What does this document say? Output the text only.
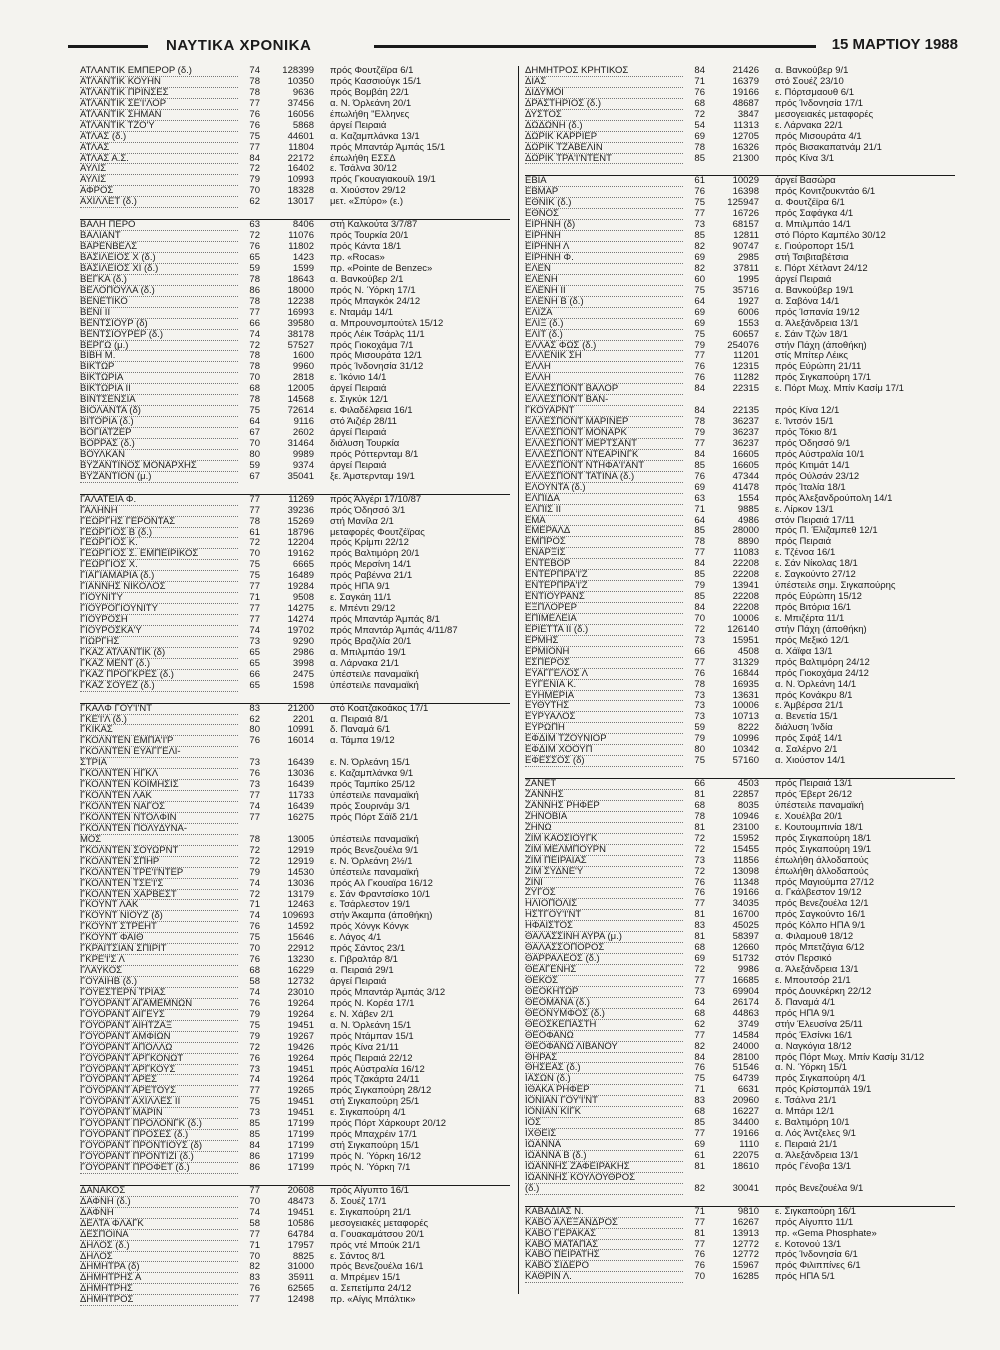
ΝΑΥΤΙΚΑ ΧΡΟΝΙΚΑ	15 ΜΑΡΤΙΟΥ 1988
ΑΤΛΑΝΤΙΚ ΕΜΠΕΡΟΡ (δ.)	74	128399	πρός Φουτζέϊρα 6/1
ΑΤΛΑΝΤΙΚ ΚΟΥΗΝ	78	10350	πρός Κασσιούγκ 15/1
ΑΤΛΑΝΤΙΚ ΠΡΙΝΣΕΣ	78	9636	πρός Βομβάη 22/1
ΑΤΛΑΝΤΙΚ ΣΕ'Ι'ΛΟΡ	77	37456	α. Ν. Όρλεάνη 20/1
ΑΤΛΑΝΤΙΚ ΣΗΜΑΝ	76	16056	έπωλήθη "Ελληνες
ΑΤΛΑΝΤΙΚ ΤΖΟ'Υ	76	5868	άργεί Πειραιά
ΑΤΛΑΣ (δ.)	75	44601	α. Καζαμπλάνκα 13/1
ΑΤΛΑΣ	77	11804	πρός Μπαντάρ Άμπάς 15/1
ΑΤΛΑΣ Α.Σ.	84	22172	έπωλήθη ΕΣΣΔ
ΑΥΛΙΣ	72	16402	ε. Τσάλνα 30/12
ΑΥΛΙΣ	79	10993	πρός Γκουαγιακουίλ 19/1
ΑΦΡΟΣ	70	18328	α. Χιούστον 29/12
ΑΧΙΛΛΕΤ (δ.)	62	13017	μετ. «Σπύρο» (ε.)
ΒΑΛΗ ΠΕΡΟ	63	8406	στή Καλκούτα 3/7/87
ΒΑΛΙΑΝΤ	72	11076	πρός Τουρκία 20/1
ΒΑΡΕΝΒΕΛΣ	76	11802	πρός Κάντα 18/1
ΒΑΣΙΛΕΙΟΣ Χ (δ.)	65	1423	πρ. «Rocas»
ΒΑΣΙΛΕΙΟΣ ΧΙ (δ.)	59	1599	πρ. «Pointe de Benzec»
ΒΕΓΚΑ (δ.)	78	18643	α. Βανκούβερ 2/1
ΒΕΛΟΠΟΥΛΑ (δ.)	86	18000	πρός Ν. Ύόρκη 17/1
ΒΕΝΕΤΙΚΟ	78	12238	πρός Μπαγκόκ 24/12
ΒΕΝΙ ΙΙ	77	16993	ε. Νταμάμ 14/1
ΒΕΝΤΣΙΟΥΡ (δ)	66	39580	α. Μπρουνσμπούτελ 15/12
ΒΕΝΤΣΙΟΥΡΕΡ (δ.)	74	38178	πρός Λέικ Τσάρλς 11/1
ΒΕΡΓΩ (μ.)	72	57527	πρός Γιοκοχάμα 7/1
ΒΙΒΗ Μ.	78	1600	πρός Μισουράτα 12/1
ΒΙΚΤΩΡ	78	9960	πρός Ίνδονησία 31/12
ΒΙΚΤΩΡΙΑ	70	2818	ε. Ίκόνιο 14/1
ΒΙΚΤΩΡΙΑ ΙΙ	68	12005	άργεί Πειραιά
ΒΙΝΤΣΕΝΣΙΑ	78	14568	ε. Σιγκύκ 12/1
ΒΙΟΛΑΝΤΑ (δ)	75	72614	ε. Φιλαδέλφεια 16/1
ΒΙΤΟΡΙΑ (δ.)	64	9116	στό Άιζιέρ 28/11
ΒΟΓΙΑΤΖΕΡ	67	2602	άργεί Πειραιά
ΒΟΡΡΑΣ (δ.)	70	31464	διάλυση Τουρκία
ΒΟΥΛΚΑΝ	80	9989	πρός Ρόττερνταμ 8/1
ΒΥΖΑΝΤΙΝΟΣ ΜΟΝΑΡΧΗΣ	59	9374	άργεί Πειραιά
ΒΥΖΑΝΤΙΟΝ (μ.)	67	35041	ξε. Άμστερνταμ 19/1
ΓΑΛΑΤΕΙΑ Φ.	77	11269	πρός Άλγέρι 17/10/87
ΓΑΛΗΝΗ	77	39236	πρός Όδησσό 3/1
ΓΕΩΡΓΗΣ ΓΕΡΟΝΤΑΣ	78	15269	στή Μανίλα 2/1
ΓΕΩΡΓΙΟΣ Β (δ.)	61	18796	μεταφορές Φουτζέϊρας
ΓΕΩΡΓΙΟΣ Κ.	72	12204	πρός Κρίμπι 22/12
ΓΕΩΡΓΙΟΣ Σ. ΕΜΠΕΙΡΙΚΟΣ	70	19162	πρός Βαλτιμόρη 20/1
ΓΕΩΡΓΙΟΣ Χ.	75	6665	πρός Μερσίνη 14/1
ΓΙΑΓΙΑΜΑΡΙΑ (δ.)	75	16489	πρός Ραβέννα 21/1
ΓΙΑΝΝΗΣ ΝΙΚΟΛΟΣ	77	19284	πρός ΗΠΑ 9/1
ΓΙΟΥΝΙΤΥ	71	9508	ε. Σαγκάη 11/1
ΓΙΟΥΡΟΓΙΟΥΝΙΤΥ	77	14275	ε. Μπέντι 29/12
ΓΙΟΥΡΟΣΗ	77	14274	πρός Μπαντάρ Άμπάς 8/1
ΓΙΟΥΡΟΣΚΑ'Υ	74	19702	πρός Μπαντάρ Άμπάς 4/11/87
ΓΙΩΡΓΗΣ	73	9290	πρός Βραζιλία 20/1
ΓΚΑΖ ΑΤΛΑΝΤΙΚ (δ)	65	2986	α. Μπιλμπάο 19/1
ΓΚΑΖ ΜΕΝΤ (δ.)	65	3998	α. Λάρνακα 21/1
ΓΚΑΖ ΠΡΟΓΚΡΕΣ (δ.)	66	2475	ύπέστειλε παναμαϊκή
ΓΚΑΖ ΣΟΥΕΖ (δ.)	65	1598	ύπέστειλε παναμαϊκή
ΓΚΑΛΦ ΓΟΥ'Ι'ΝΤ	83	21200	στό Κοατζακοάκος 17/1
ΓΚΕ'Ι'Λ (δ.)	62	2201	α. Πειραιά 8/1
ΓΚΙΚΑΣ	80	10991	δ. Παναμά 6/1
ΓΚΟΛΝΤΕΝ ΕΜΠΑ'Ι'Ρ	76	16014	α. Τάμπα 19/12
ΓΚΟΛΝΤΕΝ ΕΥΑΓΓΕΛΙ-
ΣΤΡΙΑ	73	16439	ε. Ν. Όρλεάνη 15/1
ΓΚΟΛΝΤΕΝ ΗΓΚΛ	76	13036	ε. Καζαμπλάνκα 9/1
ΓΚΟΛΝΤΕΝ ΚΟΙΜΗΣΙΣ	73	16439	πρός Ταμπίκο 25/12
ΓΚΟΛΝΤΕΝ ΛΑΚ	77	11733	ύπέστειλε παναμαϊκή
ΓΚΟΛΝΤΕΝ ΝΑΓΟΣ	74	16439	πρός Σουρινάμ 3/1
ΓΚΟΛΝΤΕΝ ΝΤΟΛΦΙΝ	77	16275	πρός Πόρτ Σάϊδ 21/1
ΓΚΟΛΝΤΕΝ ΠΟΛΥΔΥΝΑ-
ΜΟΣ	78	13005	ύπέστειλε παναμαϊκή
ΓΚΟΛΝΤΕΝ ΣΟΥΩΡΝΤ	72	12919	πρός Βενεζουέλα 9/1
ΓΚΟΛΝΤΕΝ ΣΠΗΡ	72	12919	ε. Ν. Όρλεάνη 2½/1
ΓΚΟΛΝΤΕΝ ΤΡΕ'Ι'ΝΤΕΡ	79	14530	ύπέστειλε παναμαϊκή
ΓΚΟΛΝΤΕΝ ΤΣΕ'Ι'Σ	74	13036	πρός Αλ Γκουαϊρα 16/12
ΓΚΟΛΝΤΕΝ ΧΑΡΒΕΣΤ	72	13179	ε. Σάν Φραντσίσκο 10/1
ΓΚΟΥΝΤ ΛΑΚ	71	12463	ε. Τσάρλεστον 19/1
ΓΚΟΥΝΤ ΝΙΟΥΖ (δ)	74	109693	στήν Άκαμπα (άποθήκη)
ΓΚΟΥΝΤ ΣΤΡΕΗΤ	76	14592	πρός Χόνγκ Κόνγκ
ΓΚΟΥΝΤ ΦΑΙΘ	75	15646	ε. Λάγος 4/1
ΓΚΡΑΙΤΣΙΑΝ ΣΠΙΡΙΤ	70	22912	πρός Σάντος 23/1
ΓΚΡΕ'Ι'Σ Λ	76	13230	ε. Γιβραλτάρ 8/1
ΓΛΑΥΚΟΣ	68	16229	α. Πειραιά 29/1
ΓΟΥΑΙΗΒ (δ.)	58	12732	άργεί Πειραιά
ΓΟΥΕΣΤΕΡΝ ΤΡΙΑΣ	74	23010	πρός Μπαντάρ Άμπάς 3/12
ΓΟΥΟΡΑΝΤ ΑΓΑΜΕΜΝΩΝ	76	19264	πρός Ν. Κορέα 17/1
ΓΟΥΟΡΑΝΤ ΑΙΓΕΥΣ	79	19264	ε. Ν. Χάβεν 2/1
ΓΟΥΟΡΑΝΤ ΑΙΗΤΖΑΞ	75	19451	α. Ν. Όρλεάνη 15/1
ΓΟΥΟΡΑΝΤ ΑΜΦΙΩΝ	79	19267	πρός Ντάμπαν 15/1
ΓΟΥΟΡΑΝΤ ΑΠΟΛΛΩ	72	19426	πρός Κίνα 21/11
ΓΟΥΟΡΑΝΤ ΑΡΓΚΟΝΩΤ	76	19264	πρός Πειραιά 22/12
ΓΟΥΟΡΑΝΤ ΑΡΓΚΟΥΣ	73	19451	πρός Αύστραλία 16/12
ΓΟΥΟΡΑΝΤ ΑΡΕΣ	74	19264	πρός Τζακάρτα 24/11
ΓΟΥΟΡΑΝΤ ΑΡΕΤΟΥΣ	77	19265	πρός Σιγκαπούρη 28/12
ΓΟΥΟΡΑΝΤ ΑΧΙΛΛΕΣ ΙΙ	75	19451	στή Σιγκαπούρη 25/1
ΓΟΥΟΡΑΝΤ ΜΑΡΙΝ	73	19451	ε. Σιγκαπούρη 4/1
ΓΟΥΟΡΑΝΤ ΠΡΟΛΟΝΓΚ (δ.)	85	17199	πρός Πόρτ Χάρκουρτ 20/12
ΓΟΥΟΡΑΝΤ ΠΡΟΣΕΣ (δ.)	85	17199	πρός Μπαχρέιν 17/1
ΓΟΥΟΡΑΝΤ ΠΡΟΝΤΙΟΥΣ (δ)	84	17199	στή Σιγκαπούρη 15/1
ΓΟΥΟΡΑΝΤ ΠΡΟΝΤΙΖΙ (δ.)	86	17199	πρός Ν. Ύόρκη 16/12
ΓΟΥΟΡΑΝΤ ΠΡΟΦΕΤ (δ.)	86	17199	πρός Ν. Ύόρκη 7/1
ΔΑΝΑΚΟΣ	77	20608	πρός Αίγυπτο 16/1
ΔΑΦΝΗ (δ.)	70	48473	δ. Σουέζ 17/1
ΔΑΦΝΗ	74	19451	ε. Σιγκαπούρη 21/1
ΔΕΛΤΑ ΦΛΑΓΚ	58	10586	μεσογειακές μεταφορές
ΔΕΣΠΟΙΝΑ	77	64784	α. Γουακαμάτσου 20/1
ΔΗΛΟΣ (δ.)	71	17957	πρός ντέ Μπούκ 21/1
ΔΗΛΟΣ	70	8825	ε. Σάντος 8/1
ΔΗΜΗΤΡΑ (δ)	82	31000	πρός Βενεζουέλα 16/1
ΔΗΜΗΤΡΗΣ Α	83	35911	α. Μπρέμεν 15/1
ΔΗΜΗΤΡΗΣ	76	62565	α. Σεπετίμπα 24/12
ΔΗΜΗΤΡΟΣ	77	12498	πρ. «Αίγις Μπάλτικ»
ΔΗΜΗΤΡΟΣ ΚΡΗΤΙΚΟΣ	84	21426	α. Βανκούβερ 9/1
ΔΙΑΣ	71	16379	στό Σουέζ 23/10
ΔΙΔΥΜΟΙ	76	19166	ε. Πόρτσμαουθ 6/1
ΔΡΑΣΤΗΡΙΟΣ (δ.)	68	48687	πρός Ίνδονησία 17/1
ΔΥΣΤΟΣ	72	3847	μεσογειακές μεταφορές
ΔΩΔΩΝΗ (δ.)	54	11313	ε. Λάρνακα 22/1
ΔΩΡΙΚ ΚΑΡΡΙΕΡ	69	12705	πρός Μισουράτα 4/1
ΔΩΡΙΚ ΤΖΑΒΕΛΙΝ	78	16326	πρός Βισακαπατνάμ 21/1
ΔΩΡΙΚ ΤΡΑ'Ι'ΝΤΕΝΤ	85	21300	πρός Κίνα 3/1
ΕΒΙΑ	61	10029	άργεί Βασώρα
ΕΒΜΑΡ	76	16398	πρός Κονιτζουκντάο 6/1
ΕΘΝΙΚ (δ.)	75	125947	α. Φουτζέϊρα 6/1
ΕΘΝΟΣ	77	16726	πρός Σαφάγκα 4/1
ΕΙΡΗΝΗ (δ)	73	68157	α. Μπιλμπάο 14/1
ΕΙΡΗΝΗ	85	12811	στό Πόρτο Καμπέλο 30/12
ΕΙΡΗΝΗ Λ	82	90747	ε. Γιούροπορτ 15/1
ΕΙΡΗΝΗ Φ.	69	2985	στή Τσιβιταβέτσια
ΕΛΕΝ	82	37811	ε. Πόρτ Χέτλαντ 24/12
ΕΛΕΝΗ	60	1995	άργεί Πειραιά
ΕΛΕΝΗ ΙΙ	75	35716	α. Βανκούβερ 19/1
ΕΛΕΝΗ Β (δ.)	64	1927	α. Σαβόνα 14/1
ΕΛΙΖΑ	69	6006	πρός Ίσπανία 19/12
ΕΛΙΞ (δ.)	69	1553	α. Άλεξάνδρεια 13/1
ΕΛΙΤ (δ.)	75	60657	ε. Σάιν Τζών 18/1
ΕΛΛΑΣ ΦΩΣ (δ.)	79	254076	στήν Πάχη (άποθήκη)
ΕΛΛΕΝΙΚ ΣΗ	77	11201	στίς Μπίτερ Λέικς
ΕΛΛΗ	76	12315	πρός Εύρώπη 21/11
ΕΛΛΗ	76	11282	πρός Σιγκαπούρη 17/1
ΕΛΛΕΣΠΟΝΤ ΒΑΛΟΡ	84	22315	ε. Πόρτ Μωχ. Μπίν Κασίμ 17/1
ΕΛΛΕΣΠΟΝΤ ΒΑΝ-
ΓΚΟΥΑΡΝΤ	84	22135	πρός Κίνα 12/1
ΕΛΛΕΣΠΟΝΤ ΜΑΡΙΝΕΡ	78	36237	ε. Ίντσόν 15/1
ΕΛΛΕΣΠΟΝΤ ΜΟΝΑΡΚ	79	36237	πρός Τόκιο 8/1
ΕΛΛΕΣΠΟΝΤ ΜΕΡΤΣΑΝΤ	77	36237	πρός Όδησσό 9/1
ΕΛΛΕΣΠΟΝΤ ΝΤΕΑΡΙΝΓΚ	84	16605	πρός Αύστραλία 10/1
ΕΛΛΕΣΠΟΝΤ ΝΤΗΦΑ'Ι'ΑΝΤ	85	16605	πρός Κιτιμάτ 14/1
ΕΛΛΕΣΠΟΝΤ ΤΑΤΙΝΑ (δ.)	76	47344	πρός Ούλσάν 23/12
ΕΛΟΥΝΤΑ (δ.)	69	41478	πρός Ίταλία 18/1
ΕΛΠΙΔΑ	63	1554	πρός Άλεξανδρούπολη 14/1
ΕΛΠΙΣ ΙΙ	71	9885	ε. Λίρκον 13/1
ΕΜΑ	64	4986	στόν Πειραιά 17/11
ΕΜΕΡΑΛΔ	85	28000	πρός Π. Έλιζαμπεθ 12/1
ΕΜΠΡΟΣ	78	8890	πρός Πειραιά
ΕΝΑΡΞΙΣ	77	11083	ε. Τζένοα 16/1
ΕΝΤΕΒΟΡ	84	22208	ε. Σάν Νίκολας 18/1
ΕΝΤΕΡΠΡΑ'Ι'Ζ	85	22208	ε. Σαγκούντο 27/12
ΕΝΤΕΡΠΡΑ'Ι'Ζ	79	13941	ύπέστειλε σημ. Σιγκαπούρης
ΕΝΤΙΟΥΡΑΝΣ	85	22208	πρός Εύρώπη 15/12
ΕΞΠΛΟΡΕΡ	84	22208	πρός Βιτόρια 16/1
ΕΠΙΜΕΛΕΙΑ	70	10006	ε. Μπιζέρτα 11/1
ΕΡΙΕΤΤΑ ΙΙ (δ.)	72	126140	στήν Πάχη (άποθήκη)
ΕΡΜΗΣ	73	15951	πρός Μεξικό 12/1
ΕΡΜΙΟΝΗ	66	4508	α. Χάϊφα 13/1
ΕΣΠΕΡΟΣ	77	31329	πρός Βαλτιμόρη 24/12
ΕΥΑΓΓΕΛΟΣ Λ	76	16844	πρός Γιοκοχάμα 24/12
ΕΥΓΕΝΙΑ Κ.	78	16935	α. Ν. Όρλεάνη 14/1
ΕΥΗΜΕΡΙΑ	73	13631	πρός Κονάκρυ 8/1
ΕΥΘΥΤΗΣ	73	10006	ε. Άμβέρσα 21/1
ΕΥΡΥΑΛΟΣ	73	10713	α. Βενετία 15/1
ΕΥΡΩΠΗ	59	8222	διάλυση Ίνδία
ΕΦΔΙΜ ΤΖΟΥΝΙΟΡ	79	10996	πρός Σφάξ 14/1
ΕΦΔΙΜ ΧΟΟΥΠ	80	10342	α. Σαλέρνο 2/1
ΕΦΕΣΣΟΣ (δ)	75	57160	α. Χιούστον 14/1
ΖΑΝΕΤ	66	4503	πρός Πειραιά 13/1
ΖΑΝΝΗΣ	81	22857	πρός Έβερτ 26/12
ΖΑΝΝΗΣ ΡΗΦΕΡ	68	8035	ύπέστειλε παναμαϊκή
ΖΗΝΟΒΙΑ	78	10946	ε. Χουέλβα 20/1
ΖΗΝΩ	81	23100	ε. Κουτουμπινία 18/1
ΖΙΜ ΚΑΟΣΙΟΥΓΚ	72	15952	πρός Σιγκαπούρη 18/1
ΖΙΜ ΜΕΛΜΠΟΥΡΝ	72	15455	πρός Σιγκαπούρη 19/1
ΖΙΜ ΠΕΙΡΑΙΑΣ	73	11856	έπωλήθη άλλοδαπούς
ΖΙΜ ΣΥΔΝΕ'Υ	72	13098	έπωλήθη άλλοδαπούς
ΖΙΝΙ	76	11348	πρός Μαγιούμπα 27/12
ΖΥΓΟΣ	76	19166	α. Γκάλβεστον 19/12
ΗΛΙΟΠΟΛΙΣ	77	34035	πρός Βενεζουέλα 12/1
ΗΣΤΓΟΥ'Ι'ΝΤ	81	16700	πρός Σαγκούντο 16/1
ΗΦΑΙΣΤΟΣ	83	45025	πρός Κόλπο ΗΠΑ 9/1
ΘΑΛΑΣΣΙΝΗ ΑΥΡΑ (μ.)	81	58397	α. Φιλαμουθ 18/12
ΘΑΛΑΣΣΟΠΟΡΟΣ	68	12660	πρός Μπετζάγια 6/12
ΘΑΡΡΑΛΕΟΣ (δ.)	69	51732	στόν Περσικό
ΘΕΑΓΕΝΗΣ	72	9986	α. Άλεξάνδρεια 13/1
ΘΕΚΟΣ	77	16685	ε. Μπουτσόρ 21/1
ΘΕΟΚΗΤΩΡ	73	69904	πρός Δουνκέρκη 22/12
ΘΕΟΜΑΝΑ (δ.)	64	26174	δ. Παναμά 4/1
ΘΕΟΝΥΜΦΟΣ (δ.)	68	44863	πρός ΗΠΑ 9/1
ΘΕΟΣΚΕΠΑΣΤΗ	62	3749	στήν Έλευσίνα 25/11
ΘΕΟΦΑΝΩ	77	14584	πρός Έλσίνκι 16/1
ΘΕΟΦΑΝΩ ΛΙΒΑΝΟΥ	82	24000	α. Ναγκόγια 18/12
ΘΗΡΑΣ	84	28100	πρός Πόρτ Μωχ. Μπίν Κασίμ 31/12
ΘΗΣΕΑΣ (δ.)	76	51546	α. Ν. Ύόρκη 15/1
ΙΑΣΩΝ (δ.)	75	64739	πρός Σιγκαπούρη 4/1
ΙΘΑΚΑ ΡΗΦΕΡ	71	6631	πρός Κρίστομπάλ 19/1
ΙΟΝΙΑΝ ΓΟΥ'Ι'ΝΤ	83	20960	ε. Τσάλνα 21/1
ΙΟΝΙΑΝ ΚΙΓΚ	68	16227	α. Μπάρι 12/1
ΙΟΣ	85	34400	ε. Βαλτιμόρη 10/1
ΙΧΘΕΙΣ	77	19166	α. Λός Άντζελες 9/1
ΙΩΑΝΝΑ	69	1110	ε. Πειραιά 21/1
ΙΩΑΝΝΑ Β (δ.)	61	22075	α. Άλεξάνδρεια 13/1
ΙΩΑΝΝΗΣ ΖΑΦΕΙΡΑΚΗΣ	81	18610	πρός Γένοβα 13/1
ΙΩΑΝΝΗΣ ΚΟΥΛΟΥΘΡΟΣ
(δ.)	82	30041	πρός Βενεζουέλα 9/1
ΚΑΒΑΔΙΑΣ Ν.	71	9810	ε. Σιγκαπούρη 16/1
ΚΑΒΟ ΑΛΕΞΑΝΔΡΟΣ	77	16267	πρός Αίγυπτο 11/1
ΚΑΒΟ ΓΕΡΑΚΑΣ	81	13913	πρ. «Gema Phosphate»
ΚΑΒΟ ΜΑΤΑΠΑΣ	77	12772	ε. Κοτονού 13/1
ΚΑΒΟ ΠΕΙΡΑΤΗΣ	76	12772	πρός Ίνδονησία 6/1
ΚΑΒΟ ΣΙΔΕΡΟ	76	15967	πρός Φιλιππίνες 6/1
ΚΑΘΡΙΝ Λ.	70	16285	πρός ΗΠΑ 5/1
